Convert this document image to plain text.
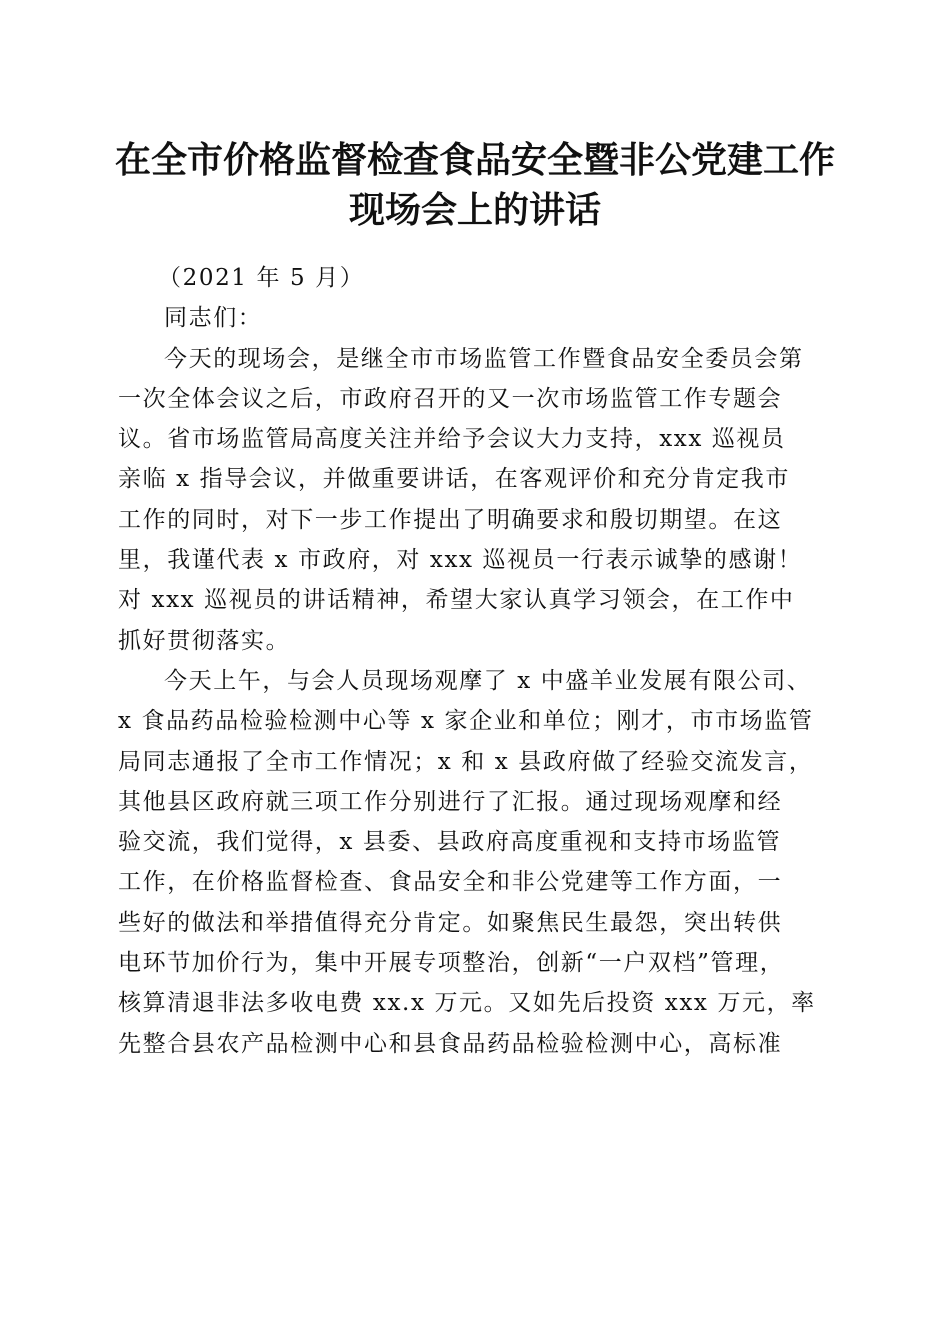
在全市价格监督检查食品安全暨非公党建工作
现场会上的讲话
（2021 年 5 月）
同志们：
今天的现场会，是继全市市场监管工作暨食品安全委员会第
一次全体会议之后，市政府召开的又一次市场监管工作专题会
议。省市场监管局高度关注并给予会议大力支持，xxx 巡视员
亲临 x 指导会议，并做重要讲话，在客观评价和充分肯定我市
工作的同时，对下一步工作提出了明确要求和殷切期望。在这
里，我谨代表 x 市政府，对 xxx 巡视员一行表示诚挚的感谢！
对 xxx 巡视员的讲话精神，希望大家认真学习领会，在工作中
抓好贯彻落实。
今天上午，与会人员现场观摩了 x 中盛羊业发展有限公司、
x 食品药品检验检测中心等 x 家企业和单位；刚才，市市场监管
局同志通报了全市工作情况；x 和 x 县政府做了经验交流发言，
其他县区政府就三项工作分别进行了汇报。通过现场观摩和经
验交流，我们觉得，x 县委、县政府高度重视和支持市场监管
工作，在价格监督检查、食品安全和非公党建等工作方面，一
些好的做法和举措值得充分肯定。如聚焦民生最怨，突出转供
电环节加价行为，集中开展专项整治，创新“一户双档”管理，
核算清退非法多收电费 xx.x 万元。又如先后投资 xxx 万元，率
先整合县农产品检测中心和县食品药品检验检测中心，高标准
